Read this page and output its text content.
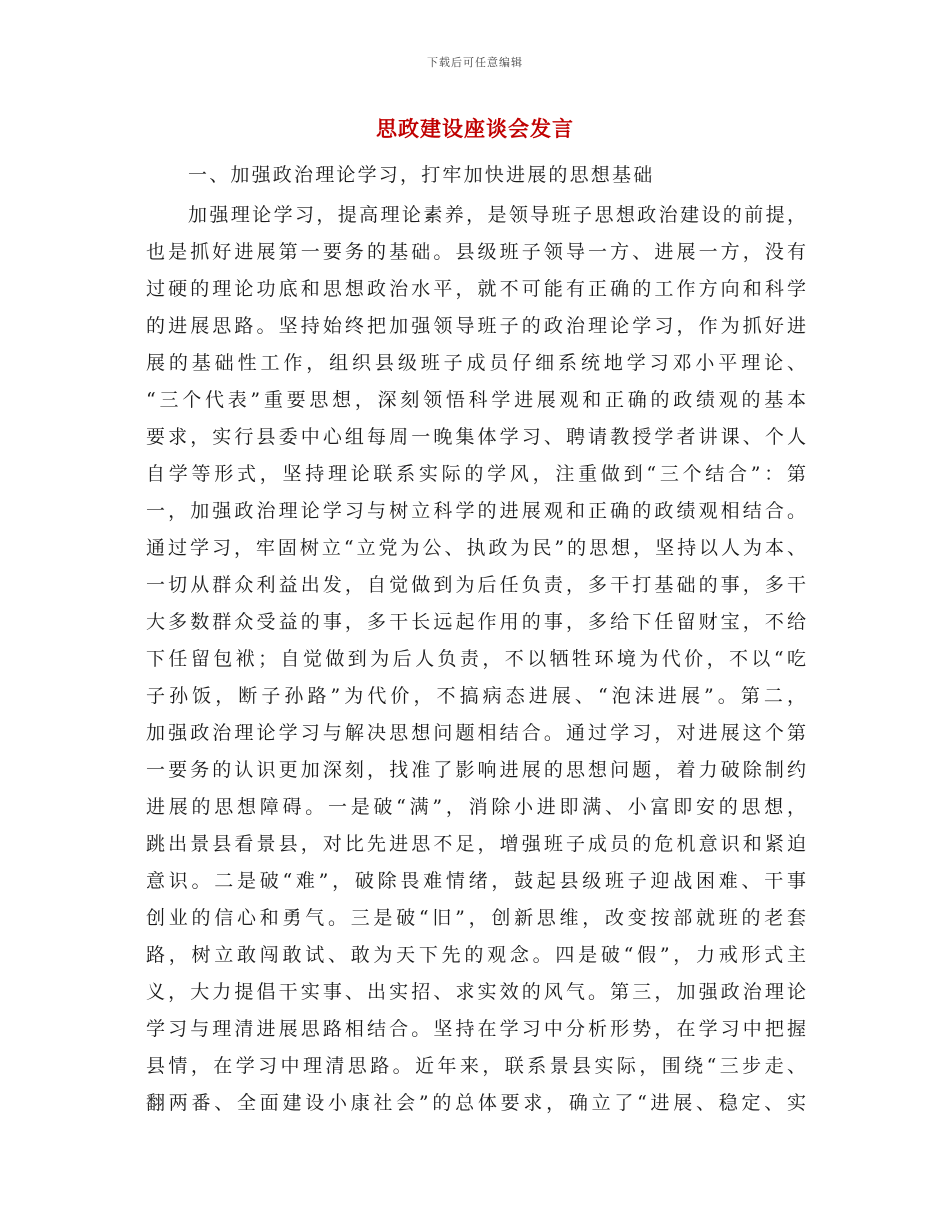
下载后可任意编辑
思政建设座谈会发言
一、加强政治理论学习，打牢加快进展的思想基础
加强理论学习，提高理论素养，是领导班子思想政治建设的前提，
也是抓好进展第一要务的基础。县级班子领导一方、进展一方，没有
过硬的理论功底和思想政治水平，就不可能有正确的工作方向和科学
的进展思路。坚持始终把加强领导班子的政治理论学习，作为抓好进
展的基础性工作，组织县级班子成员仔细系统地学习邓小平理论、
“三个代表”重要思想，深刻领悟科学进展观和正确的政绩观的基本
要求，实行县委中心组每周一晚集体学习、聘请教授学者讲课、个人
自学等形式，坚持理论联系实际的学风，注重做到“三个结合”：第
一，加强政治理论学习与树立科学的进展观和正确的政绩观相结合。
通过学习，牢固树立“立党为公、执政为民”的思想，坚持以人为本、
一切从群众利益出发，自觉做到为后任负责，多干打基础的事，多干
大多数群众受益的事，多干长远起作用的事，多给下任留财宝，不给
下任留包袱；自觉做到为后人负责，不以牺牲环境为代价，不以“吃
子孙饭，断子孙路”为代价，不搞病态进展、“泡沫进展”。第二，
加强政治理论学习与解决思想问题相结合。通过学习，对进展这个第
一要务的认识更加深刻，找准了影响进展的思想问题，着力破除制约
进展的思想障碍。一是破“满”，消除小进即满、小富即安的思想，
跳出景县看景县，对比先进思不足，增强班子成员的危机意识和紧迫
意识。二是破“难”，破除畏难情绪，鼓起县级班子迎战困难、干事
创业的信心和勇气。三是破“旧”，创新思维，改变按部就班的老套
路，树立敢闯敢试、敢为天下先的观念。四是破“假”，力戒形式主
义，大力提倡干实事、出实招、求实效的风气。第三，加强政治理论
学习与理清进展思路相结合。坚持在学习中分析形势，在学习中把握
县情，在学习中理清思路。近年来，联系景县实际，围绕“三步走、
翻两番、全面建设小康社会”的总体要求，确立了“进展、稳定、实
